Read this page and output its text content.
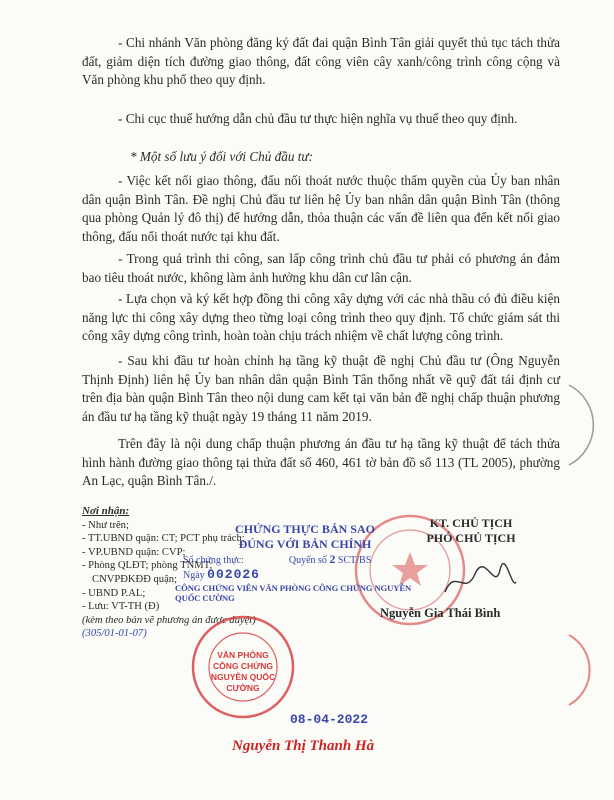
- Chi nhánh Văn phòng đăng ký đất đai quận Bình Tân giải quyết thủ tục tách thửa đất, giảm diện tích đường giao thông, đất công viên cây xanh/công trình công cộng và Văn phòng khu phố theo quy định.
- Chi cục thuế hướng dẫn chủ đầu tư thực hiện nghĩa vụ thuế theo quy định.
* Một số lưu ý đối với Chủ đầu tư:
- Việc kết nối giao thông, đấu nối thoát nước thuộc thẩm quyền của Ủy ban nhân dân quận Bình Tân. Đề nghị Chủ đầu tư liên hệ Ủy ban nhân dân quận Bình Tân (thông qua phòng Quản lý đô thị) để hướng dẫn, thỏa thuận các vấn đề liên qua đến kết nối giao thông, đấu nối thoát nước tại khu đất.
- Trong quá trình thi công, san lấp công trình chủ đầu tư phải có phương án đảm bao tiêu thoát nước, không làm ảnh hưởng khu dân cư lân cận.
- Lựa chọn và ký kết hợp đồng thi công xây dựng với các nhà thầu có đủ điều kiện năng lực thi công xây dựng theo từng loại công trình theo quy định. Tổ chức giám sát thi công xây dựng công trình, hoàn toàn chịu trách nhiệm về chất lượng công trình.
- Sau khi đầu tư hoàn chỉnh hạ tầng kỹ thuật đề nghị Chủ đầu tư (Ông Nguyễn Thịnh Định) liên hệ Ủy ban nhân dân quận Bình Tân thống nhất về quỹ đất tái định cư trên địa bàn quận Bình Tân theo nội dung cam kết tại văn bản đề nghị chấp thuận phương án đầu tư hạ tầng kỹ thuật ngày 19 tháng 11 năm 2019.
Trên đây là nội dung chấp thuận phương án đầu tư hạ tầng kỹ thuật để tách thửa hình hành đường giao thông tại thửa đất số 460, 461 tờ bản đồ số 113 (TL 2005), phường An Lạc, quận Bình Tân./.
Nơi nhận:
- Như trên;
- TT.UBND quận: CT; PCT phụ trách;
- VP.UBND quận: CVP;
- Phòng QLĐT; phòng TNMT;
CNVPĐKĐĐ quận;
- UBND P.AL;
- Lưu: VT-TH (Đ)
(kèm theo bản vẽ phương án được duyệt)
(305/01-01-07)
KT. CHỦ TỊCH
PHÓ CHỦ TỊCH
Nguyễn Gia Thái Bình
CHỨNG THỰC BẢN SAO
ĐÚNG VỚI BẢN CHÍNH
Số chứng thực:	Quyển số 2 SCT/BS
Ngày 002026
CÔNG CHỨNG VIÊN VĂN PHÒNG CÔNG CHỨNG NGUYỄN QUỐC CƯỜNG
VĂN PHÒNG
CÔNG CHỨNG
NGUYỄN QUỐC CƯỜNG
08-04-2022
Nguyễn Thị Thanh Hà
